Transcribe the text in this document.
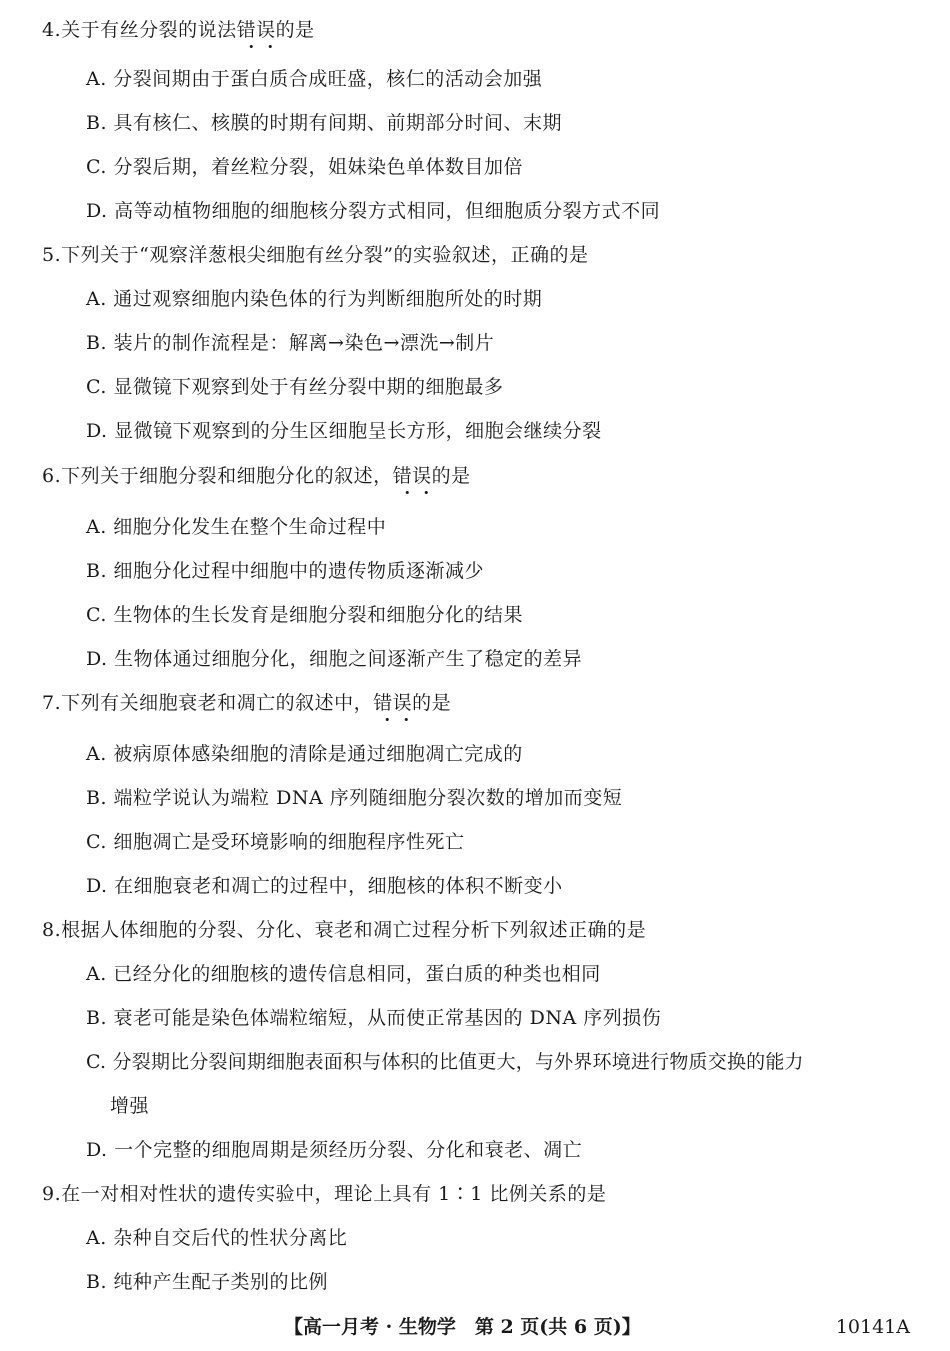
4.关于有丝分裂的说法错误的是
A. 分裂间期由于蛋白质合成旺盛，核仁的活动会加强
B. 具有核仁、核膜的时期有间期、前期部分时间、末期
C. 分裂后期，着丝粒分裂，姐妹染色单体数目加倍
D. 高等动植物细胞的细胞核分裂方式相同，但细胞质分裂方式不同
5.下列关于“观察洋葱根尖细胞有丝分裂”的实验叙述，正确的是
A. 通过观察细胞内染色体的行为判断细胞所处的时期
B. 装片的制作流程是：解离→染色→漂洗→制片
C. 显微镜下观察到处于有丝分裂中期的细胞最多
D. 显微镜下观察到的分生区细胞呈长方形，细胞会继续分裂
6.下列关于细胞分裂和细胞分化的叙述，错误的是
A. 细胞分化发生在整个生命过程中
B. 细胞分化过程中细胞中的遗传物质逐渐减少
C. 生物体的生长发育是细胞分裂和细胞分化的结果
D. 生物体通过细胞分化，细胞之间逐渐产生了稳定的差异
7.下列有关细胞衰老和凋亡的叙述中，错误的是
A. 被病原体感染细胞的清除是通过细胞凋亡完成的
B. 端粒学说认为端粒 DNA 序列随细胞分裂次数的增加而变短
C. 细胞凋亡是受环境影响的细胞程序性死亡
D. 在细胞衰老和凋亡的过程中，细胞核的体积不断变小
8.根据人体细胞的分裂、分化、衰老和凋亡过程分析下列叙述正确的是
A. 已经分化的细胞核的遗传信息相同，蛋白质的种类也相同
B. 衰老可能是染色体端粒缩短，从而使正常基因的 DNA 序列损伤
C. 分裂期比分裂间期细胞表面积与体积的比值更大，与外界环境进行物质交换的能力
增强
D. 一个完整的细胞周期是须经历分裂、分化和衰老、凋亡
9.在一对相对性状的遗传实验中，理论上具有 1∶1 比例关系的是
A. 杂种自交后代的性状分离比
B. 纯种产生配子类别的比例
【高一月考 · 生物学　第 2 页(共 6 页)】	10141A
